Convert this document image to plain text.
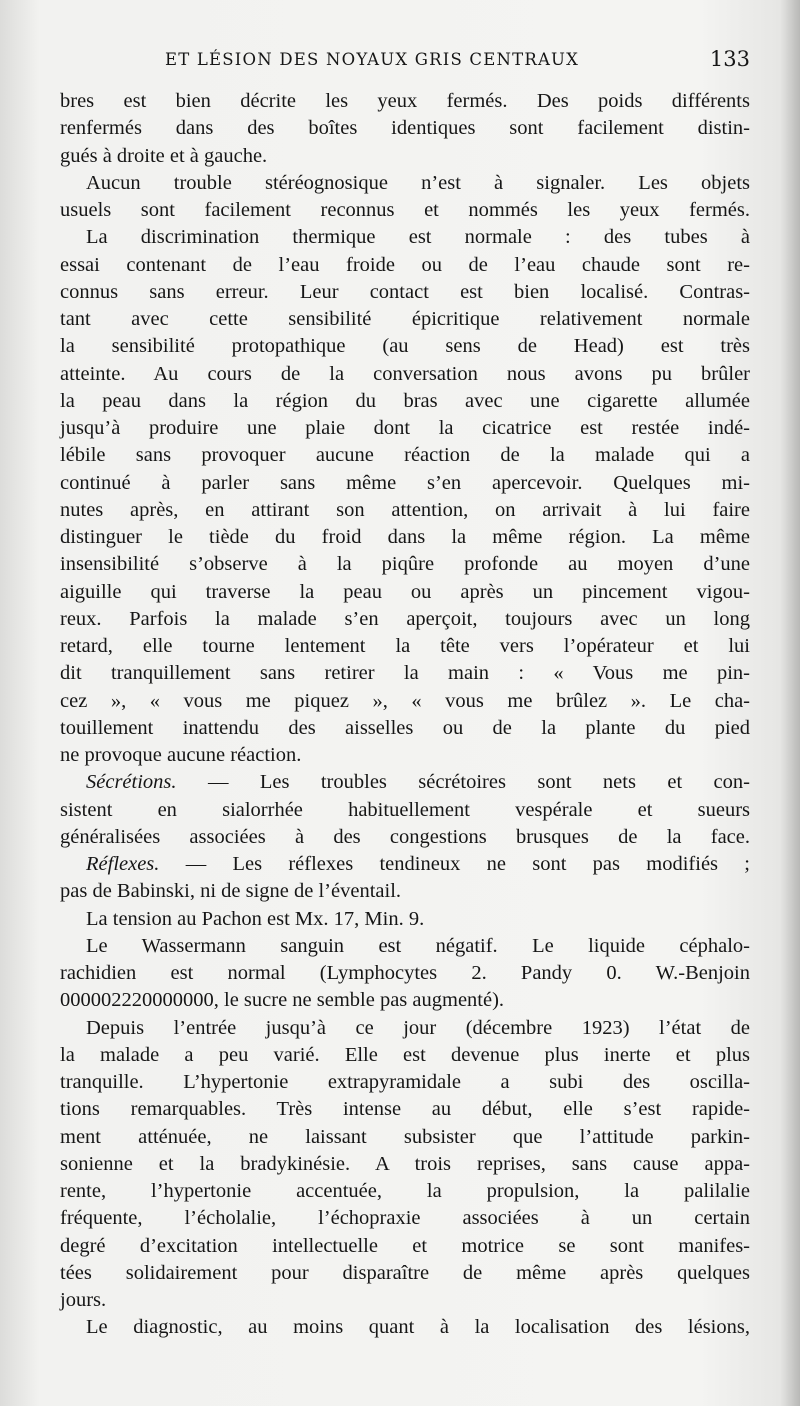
ET LÉSION DES NOYAUX GRIS CENTRAUX	133
bres est bien décrite les yeux fermés. Des poids différents
renfermés dans des boîtes identiques sont facilement distin-
gués à droite et à gauche.
Aucun trouble stéréognosique n’est à signaler. Les objets
usuels sont facilement reconnus et nommés les yeux fermés.
La discrimination thermique est normale : des tubes à
essai contenant de l’eau froide ou de l’eau chaude sont re-
connus sans erreur. Leur contact est bien localisé. Contras-
tant avec cette sensibilité épicritique relativement normale
la sensibilité protopathique (au sens de Head) est très
atteinte. Au cours de la conversation nous avons pu brûler
la peau dans la région du bras avec une cigarette allumée
jusqu’à produire une plaie dont la cicatrice est restée indé-
lébile sans provoquer aucune réaction de la malade qui a
continué à parler sans même s’en apercevoir. Quelques mi-
nutes après, en attirant son attention, on arrivait à lui faire
distinguer le tiède du froid dans la même région. La même
insensibilité s’observe à la piqûre profonde au moyen d’une
aiguille qui traverse la peau ou après un pincement vigou-
reux. Parfois la malade s’en aperçoit, toujours avec un long
retard, elle tourne lentement la tête vers l’opérateur et lui
dit tranquillement sans retirer la main : « Vous me pin-
cez », « vous me piquez », « vous me brûlez ». Le cha-
touillement inattendu des aisselles ou de la plante du pied
ne provoque aucune réaction.
Sécrétions. — Les troubles sécrétoires sont nets et con-
sistent en sialorrhée habituellement vespérale et sueurs
généralisées associées à des congestions brusques de la face.
Réflexes. — Les réflexes tendineux ne sont pas modifiés ;
pas de Babinski, ni de signe de l’éventail.
La tension au Pachon est Mx. 17, Min. 9.
Le Wassermann sanguin est négatif. Le liquide céphalo-
rachidien est normal (Lymphocytes 2. Pandy 0. W.-Benjoin
000002220000000, le sucre ne semble pas augmenté).
Depuis l’entrée jusqu’à ce jour (décembre 1923) l’état de
la malade a peu varié. Elle est devenue plus inerte et plus
tranquille. L’hypertonie extrapyramidale a subi des oscilla-
tions remarquables. Très intense au début, elle s’est rapide-
ment atténuée, ne laissant subsister que l’attitude parkin-
sonienne et la bradykinésie. A trois reprises, sans cause appa-
rente, l’hypertonie accentuée, la propulsion, la palilalie
fréquente, l’écholalie, l’échopraxie associées à un certain
degré d’excitation intellectuelle et motrice se sont manifes-
tées solidairement pour disparaître de même après quelques
jours.
Le diagnostic, au moins quant à la localisation des lésions,
